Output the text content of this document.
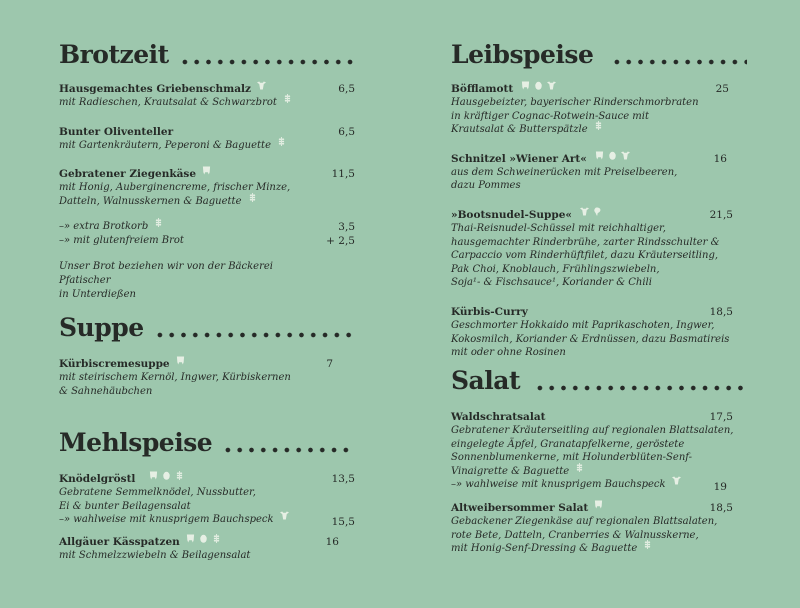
Brotzeit
Hausgemachtes Griebenschmalz	6,5
mit Radieschen, Krautsalat & Schwarzbrot
Bunter Oliventeller	6,5
mit Gartenkräutern, Peperoni & Baguette
Gebratener Ziegenkäse	11,5
mit Honig, Auberginencreme, frischer Minze,
Datteln, Walnusskernen & Baguette
–» extra Brotkorb	3,5
–» mit glutenfreiem Brot	+ 2,5
Unser Brot beziehen wir von der Bäckerei Pfatischer
in Unterdießen
Suppe
Kürbiscremesuppe	7
mit steirischem Kernöl, Ingwer, Kürbiskernen
& Sahnehäubchen
Mehlspeise
Knödelgröstl	13,5
Gebratene Semmelknödel, Nussbutter,
Ei & bunter Beilagensalat
–» wahlweise mit knusprigem Bauchspeck	15,5
Allgäuer Kässpatzen	16
mit Schmelzzwiebeln & Beilagensalat
Leibspeise
Böfflamott	25
Hausgebeizter, bayerischer Rinderschmorbraten
in kräftiger Cognac-Rotwein-Sauce mit
Krautsalat & Butterspätzle
Schnitzel »Wiener Art«	16
aus dem Schweinerücken mit Preiselbeeren,
dazu Pommes
»Bootsnudel-Suppe«	21,5
Thai-Reisnudel-Schüssel mit reichhaltiger,
hausgemachter Rinderbrühe, zarter Rindsschulter &
Carpaccio vom Rinderhüftfilet, dazu Kräuterseitling,
Pak Choi, Knoblauch, Frühlingszwiebeln,
Soja¹- & Fischsauce¹, Koriander & Chili
Kürbis-Curry	18,5
Geschmorter Hokkaido mit Paprikaschoten, Ingwer,
Kokosmilch, Koriander & Erdnüssen, dazu Basmatireis
mit oder ohne Rosinen
Salat
Waldschratsalat	17,5
Gebratener Kräuterseitling auf regionalen Blattsalaten,
eingelegte Äpfel, Granatapfelkerne, geröstete
Sonnenblumenkerne, mit Holunderblüten-Senf-
Vinaigrette & Baguette
–» wahlweise mit knusprigem Bauchspeck	19
Altweibersommer Salat	18,5
Gebackener Ziegenkäse auf regionalen Blattsalaten,
rote Bete, Datteln, Cranberries & Walnusskerne,
mit Honig-Senf-Dressing & Baguette
